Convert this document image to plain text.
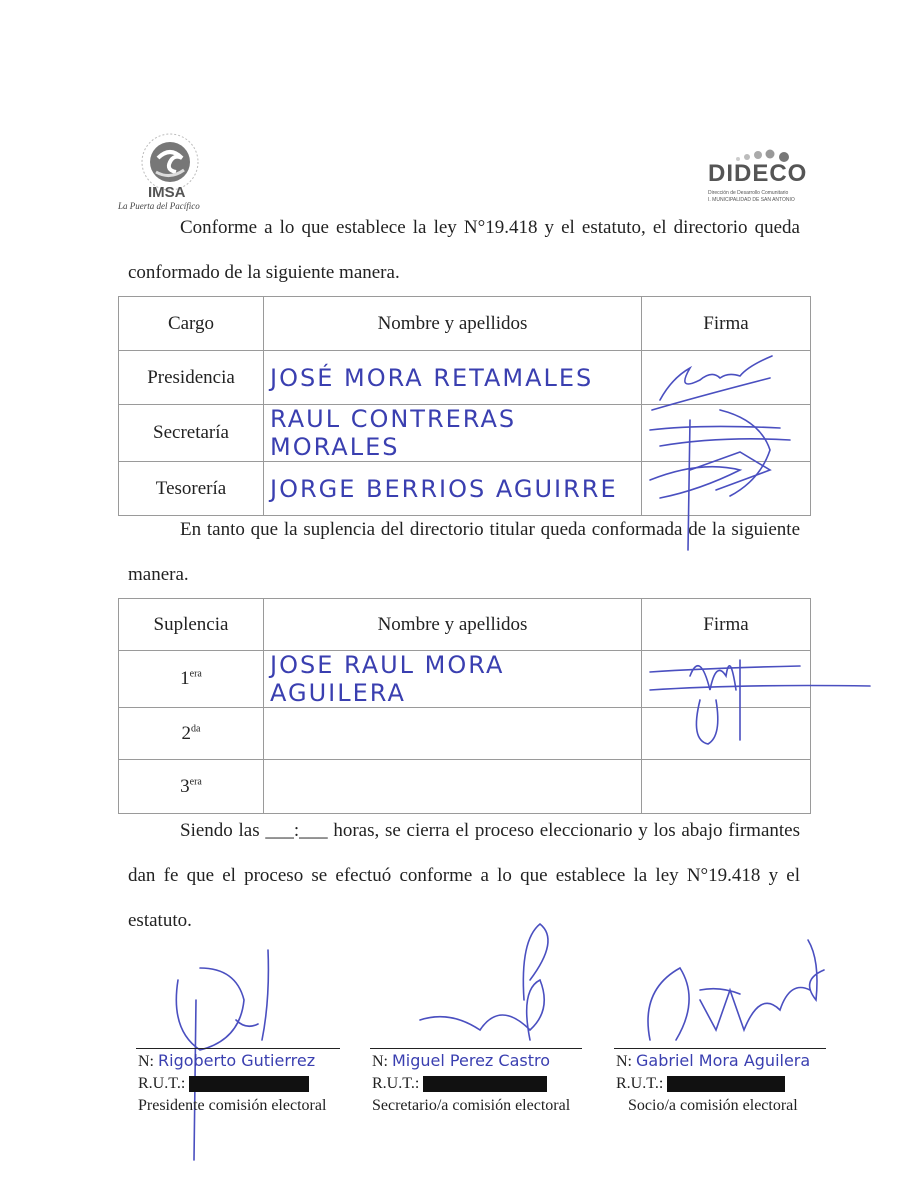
IMSA
La Puerta del Pacífico
DIDECO
Dirección de Desarrollo Comunitario
I. MUNICIPALIDAD DE SAN ANTONIO
Conforme a lo que establece la ley N°19.418 y el estatuto, el directorio queda conformado de la siguiente manera.
Cargo	Nombre y apellidos	Firma
Presidencia	JOSÉ MORA RETAMALES	
Secretaría	RAUL CONTRERAS MORALES	
Tesorería	JORGE BERRIOS AGUIRRE	
En tanto que la suplencia del directorio titular queda conformada de la siguiente manera.
Suplencia	Nombre y apellidos	Firma
$1^{era}$	JOSE RAUL MORA AGUILERA	
$2^{da}$		
$3^{era}$		
Siendo las ___:___ horas, se cierra el proceso eleccionario y los abajo firmantes dan fe que el proceso se efectuó conforme a lo que establece la ley N°19.418 y el estatuto.
N: Rigoberto Gutierrez
R.U.T.:
Presidente comisión electoral
N: Miguel Perez Castro
R.U.T.:
Secretario/a comisión electoral
N: Gabriel Mora Aguilera
R.U.T.:
Socio/a comisión electoral
